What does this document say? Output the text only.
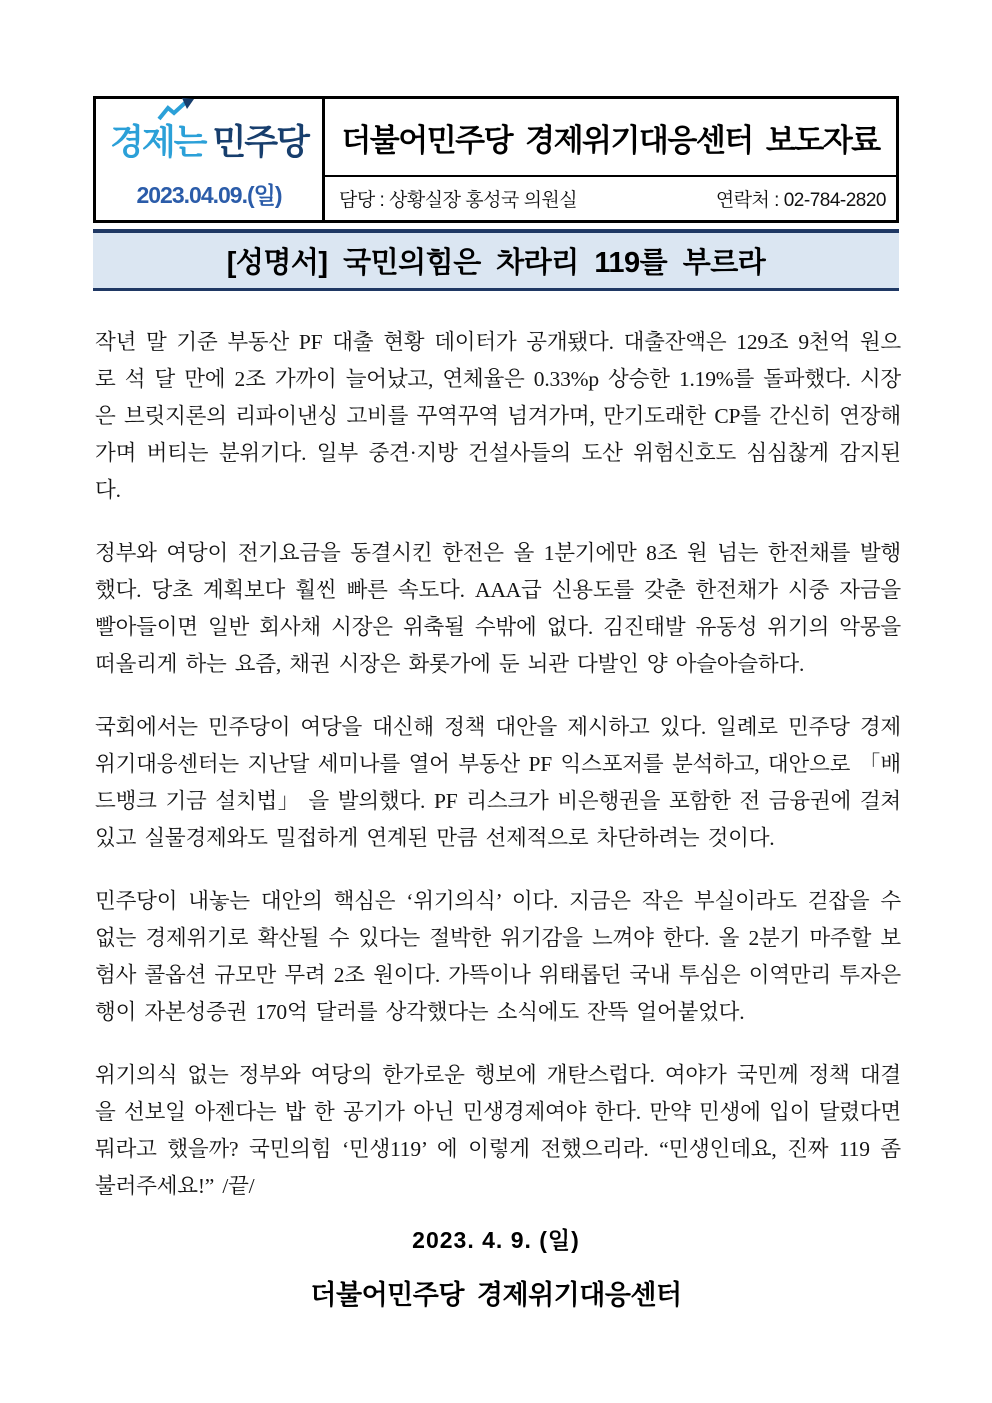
경제는 민주당
2023.04.09.(일)
더불어민주당 경제위기대응센터 보도자료
담당 : 상황실장 홍성국 의원실	연락처 : 02-784-2820
[성명서] 국민의힘은 차라리 119를 부르라

작년 말 기준 부동산 PF 대출 현황 데이터가 공개됐다. 대출잔액은 129조 9천억 원으로 석 달 만에 2조 가까이 늘어났고, 연체율은 0.33%p 상승한 1.19%를 돌파했다. 시장은 브릿지론의 리파이낸싱 고비를 꾸역꾸역 넘겨가며, 만기도래한 CP를 간신히 연장해가며 버티는 분위기다. 일부 중견·지방 건설사들의 도산 위험신호도 심심찮게 감지된다.

정부와 여당이 전기요금을 동결시킨 한전은 올 1분기에만 8조 원 넘는 한전채를 발행했다. 당초 계획보다 훨씬 빠른 속도다. AAA급 신용도를 갖춘 한전채가 시중 자금을 빨아들이면 일반 회사채 시장은 위축될 수밖에 없다. 김진태발 유동성 위기의 악몽을 떠올리게 하는 요즘, 채권 시장은 화롯가에 둔 뇌관 다발인 양 아슬아슬하다.

국회에서는 민주당이 여당을 대신해 정책 대안을 제시하고 있다. 일례로 민주당 경제위기대응센터는 지난달 세미나를 열어 부동산 PF 익스포저를 분석하고, 대안으로 「배드뱅크 기금 설치법」 을 발의했다. PF 리스크가 비은행권을 포함한 전 금융권에 걸쳐있고 실물경제와도 밀접하게 연계된 만큼 선제적으로 차단하려는 것이다.

민주당이 내놓는 대안의 핵심은 ‘위기의식’ 이다. 지금은 작은 부실이라도 걷잡을 수 없는 경제위기로 확산될 수 있다는 절박한 위기감을 느껴야 한다. 올 2분기 마주할 보험사 콜옵션 규모만 무려 2조 원이다. 가뜩이나 위태롭던 국내 투심은 이역만리 투자은행이 자본성증권 170억 달러를 상각했다는 소식에도 잔뜩 얼어붙었다.

위기의식 없는 정부와 여당의 한가로운 행보에 개탄스럽다. 여야가 국민께 정책 대결을 선보일 아젠다는 밥 한 공기가 아닌 민생경제여야 한다. 만약 민생에 입이 달렸다면 뭐라고 했을까? 국민의힘 ‘민생119’ 에 이렇게 전했으리라. “민생인데요, 진짜 119 좀 불러주세요!” /끝/

2023. 4. 9. (일)
더불어민주당 경제위기대응센터
